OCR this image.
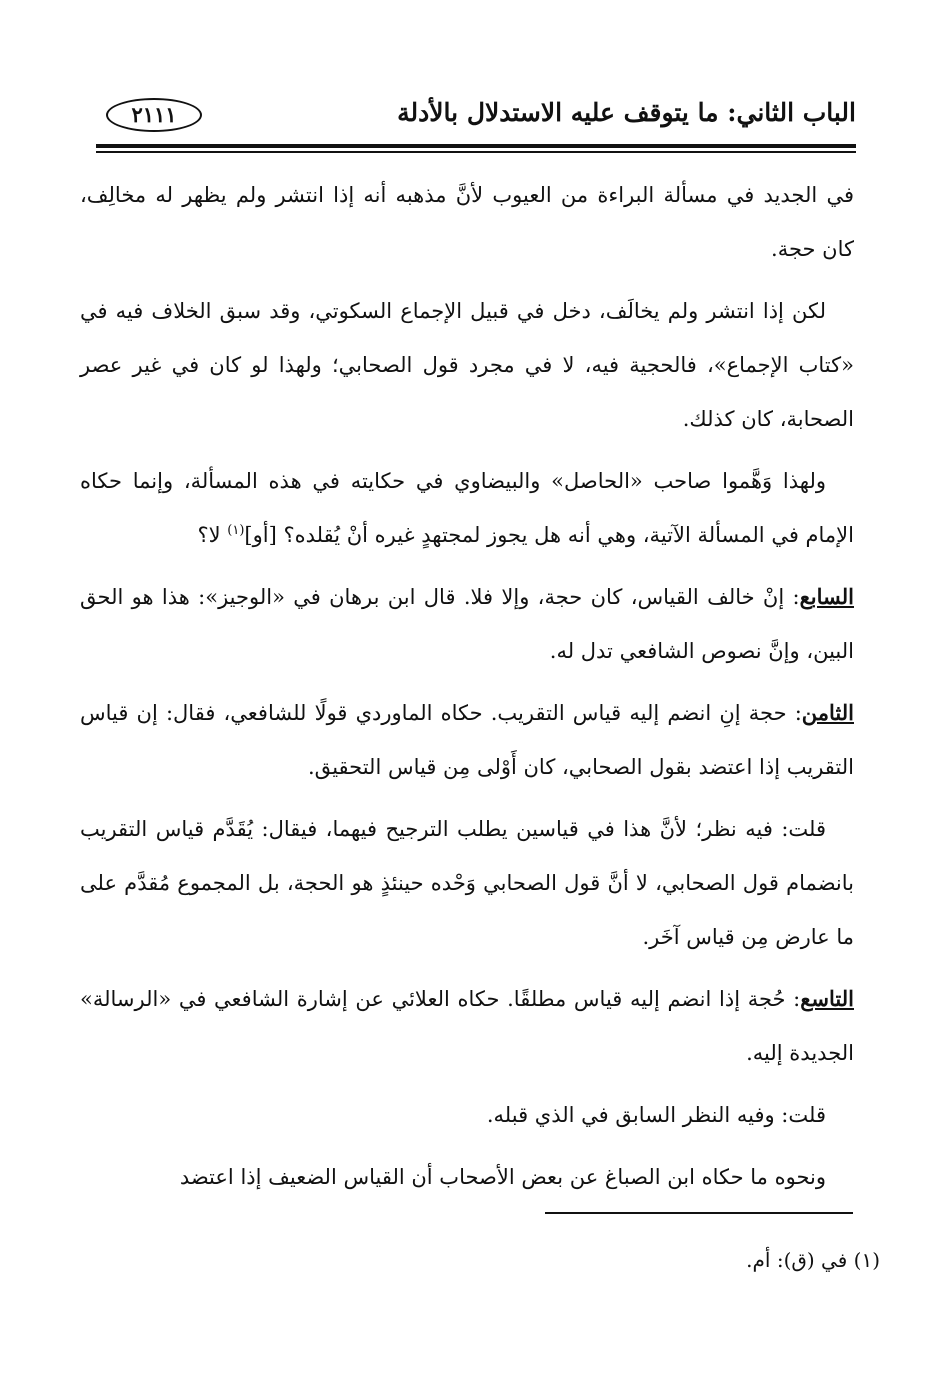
الباب الثاني: ما يتوقف عليه الاستدلال بالأدلة
٢١١١

في الجديد في مسألة البراءة من العيوب لأنَّ مذهبه أنه إذا انتشر ولم يظهر له مخالِف، كان حجة.

لكن إذا انتشر ولم يخالَف، دخل في قبيل الإجماع السكوتي، وقد سبق الخلاف فيه في «كتاب الإجماع»، فالحجية فيه، لا في مجرد قول الصحابي؛ ولهذا لو كان في غير عصر الصحابة، كان كذلك.

ولهذا وَهَّموا صاحب «الحاصل» والبيضاوي في حكايته في هذه المسألة، وإنما حكاه الإمام في المسألة الآتية، وهي أنه هل يجوز لمجتهدٍ غيره أنْ يُقلده؟ [أو]$^{(١)}$ لا؟

السابع: إنْ خالف القياس، كان حجة، وإلا فلا. قال ابن برهان في «الوجيز»: هذا هو الحق البين، وإنَّ نصوص الشافعي تدل له.

الثامن: حجة إنِ انضم إليه قياس التقريب. حكاه الماوردي قولًا للشافعي، فقال: إن قياس التقريب إذا اعتضد بقول الصحابي، كان أَوْلى مِن قياس التحقيق.

قلت: فيه نظر؛ لأنَّ هذا في قياسين يطلب الترجيح فيهما، فيقال: يُقَدَّم قياس التقريب بانضمام قول الصحابي، لا أنَّ قول الصحابي وَحْده حينئذٍ هو الحجة، بل المجموع مُقدَّم على ما عارض مِن قياس آخَر.

التاسع: حُجة إذا انضم إليه قياس مطلقًا. حكاه العلائي عن إشارة الشافعي في «الرسالة» الجديدة إليه.

قلت: وفيه النظر السابق في الذي قبله.

ونحوه ما حكاه ابن الصباغ عن بعض الأصحاب أن القياس الضعيف إذا اعتضد

(١) في (ق): أم.
